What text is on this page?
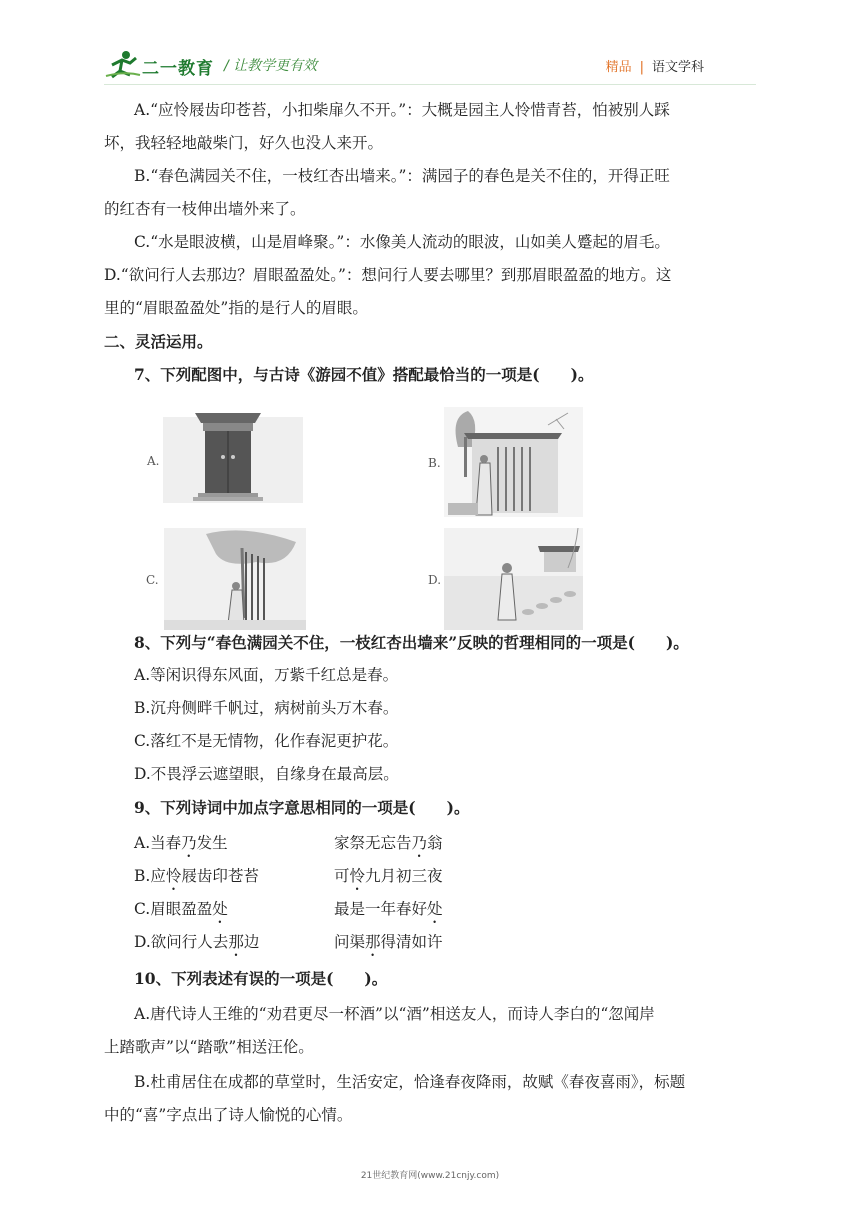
二一教育 / 让教学更有效	精品 | 语文学科
A.“应怜屐齿印苍苔，小扣柴扉久不开。”：大概是园主人怜惜青苔，怕被别人踩
坏，我轻轻地敲柴门，好久也没人来开。
B.“春色满园关不住，一枝红杏出墙来。”：满园子的春色是关不住的，开得正旺
的红杏有一枝伸出墙外来了。
C.“水是眼波横，山是眉峰聚。”：水像美人流动的眼波，山如美人蹙起的眉毛。
D.“欲问行人去那边？眉眼盈盈处。”：想问行人要去哪里？到那眉眼盈盈的地方。这
里的“眉眼盈盈处”指的是行人的眉眼。
二、灵活运用。
7、下列配图中，与古诗《游园不值》搭配最恰当的一项是(　　)。
8、下列与“春色满园关不住，一枝红杏出墙来”反映的哲理相同的一项是(　　)。
A.等闲识得东风面，万紫千红总是春。
B.沉舟侧畔千帆过，病树前头万木春。
C.落红不是无情物，化作春泥更护花。
D.不畏浮云遮望眼，自缘身在最高层。
9、下列诗词中加点字意思相同的一项是(　　)。
A.当春乃发生	家祭无忘告乃翁
B.应怜屐齿印苍苔	可怜九月初三夜
C.眉眼盈盈处	最是一年春好处
D.欲问行人去那边	问渠那得清如许
10、下列表述有误的一项是(　　)。
A.唐代诗人王维的“劝君更尽一杯酒”以“酒”相送友人，而诗人李白的“忽闻岸
上踏歌声”以“踏歌”相送汪伦。
B.杜甫居住在成都的草堂时，生活安定，恰逢春夜降雨，故赋《春夜喜雨》，标题
中的“喜”字点出了诗人愉悦的心情。
A.	B.
C.	D.
21世纪教育网(www.21cnjy.com)
